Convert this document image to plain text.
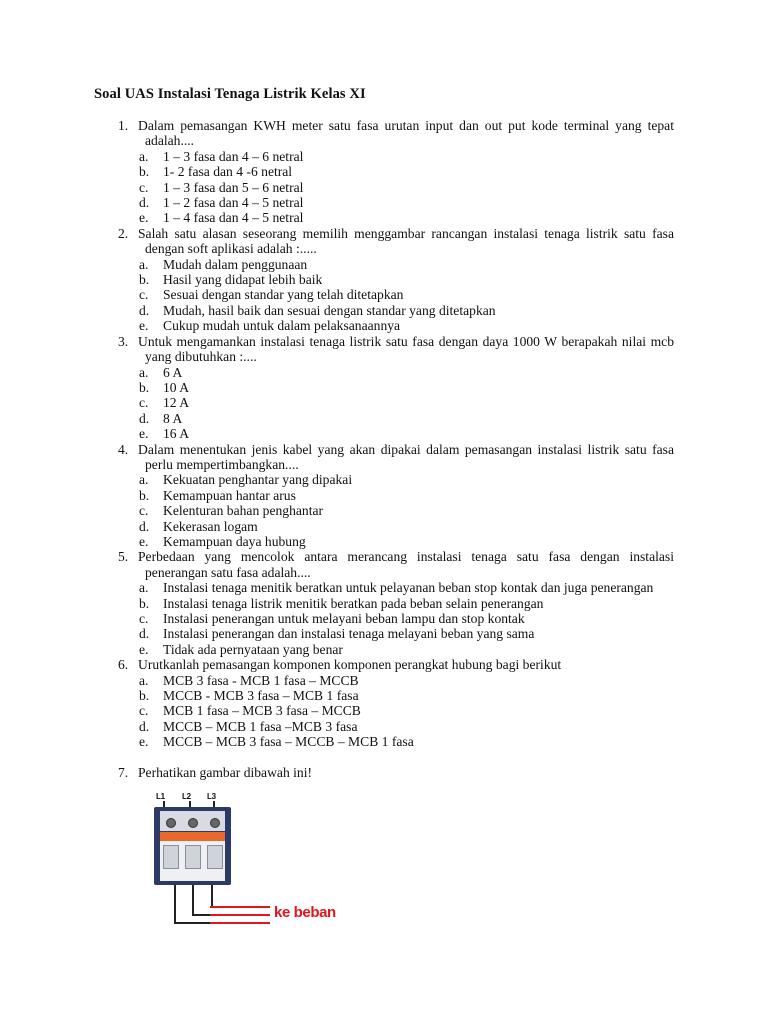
Soal UAS Instalasi Tenaga Listrik Kelas XI
1. Dalam pemasangan KWH meter satu fasa urutan input dan out put kode terminal yang tepat adalah....
a. 1 – 3 fasa dan 4 – 6 netral
b. 1- 2 fasa dan 4 -6 netral
c. 1 – 3 fasa dan 5 – 6 netral
d. 1 – 2 fasa dan 4 – 5 netral
e. 1 – 4 fasa dan 4 – 5 netral
2. Salah satu alasan seseorang memilih menggambar rancangan instalasi tenaga listrik satu fasa dengan soft aplikasi adalah :.....
a. Mudah dalam penggunaan
b. Hasil yang didapat lebih baik
c. Sesuai dengan standar yang telah ditetapkan
d. Mudah, hasil baik dan sesuai dengan standar yang ditetapkan
e. Cukup mudah untuk dalam pelaksanaannya
3. Untuk mengamankan instalasi tenaga listrik satu fasa dengan daya 1000 W berapakah nilai mcb yang dibutuhkan :....
a. 6 A
b. 10 A
c. 12 A
d. 8 A
e. 16 A
4. Dalam menentukan jenis kabel yang akan dipakai dalam pemasangan instalasi listrik satu fasa perlu mempertimbangkan....
a. Kekuatan penghantar yang dipakai
b. Kemampuan hantar arus
c. Kelenturan bahan penghantar
d. Kekerasan logam
e. Kemampuan daya hubung
5. Perbedaan yang mencolok antara merancang instalasi tenaga satu fasa dengan instalasi penerangan satu fasa adalah....
a. Instalasi tenaga menitik beratkan untuk pelayanan beban stop kontak dan juga penerangan
b. Instalasi tenaga listrik menitik beratkan pada beban selain penerangan
c. Instalasi penerangan untuk melayani beban lampu dan stop kontak
d. Instalasi penerangan dan instalasi tenaga melayani beban yang sama
e. Tidak ada pernyataan yang benar
6. Urutkanlah pemasangan komponen komponen perangkat hubung bagi berikut
a. MCB 3 fasa - MCB 1 fasa – MCCB
b. MCCB - MCB 3 fasa – MCB 1 fasa
c. MCB 1 fasa – MCB 3 fasa – MCCB
d. MCCB – MCB 1 fasa –MCB 3 fasa
e. MCCB – MCB 3 fasa – MCCB – MCB 1 fasa
7. Perhatikan gambar dibawah ini!
L1 L2 L3
ke beban
